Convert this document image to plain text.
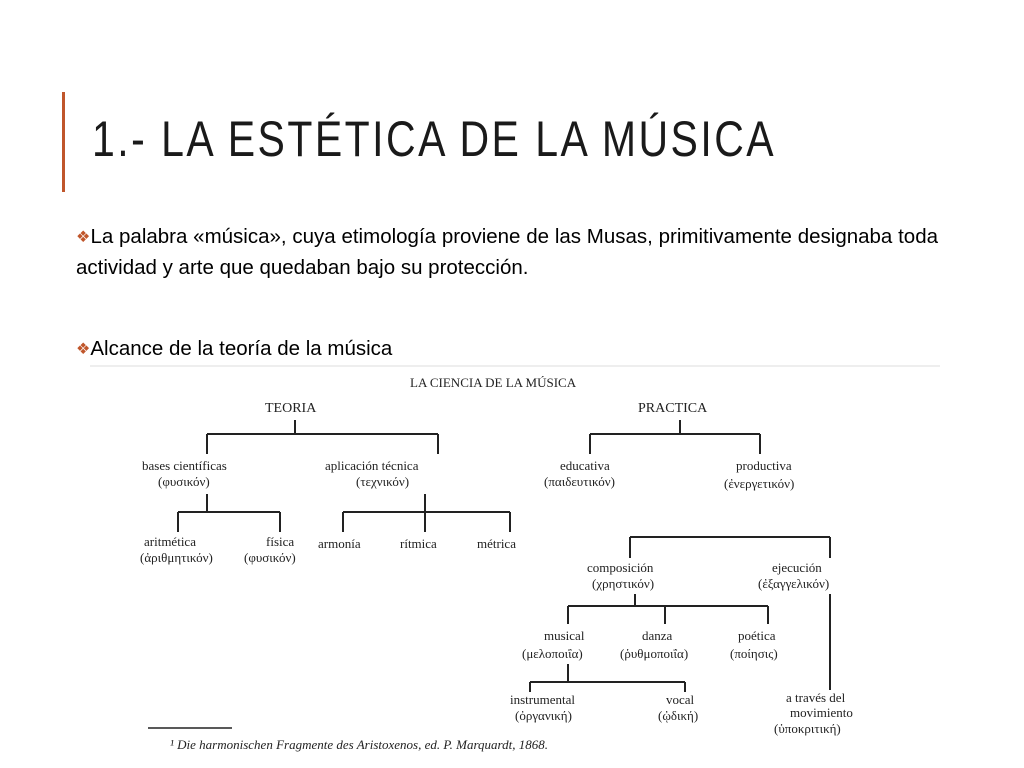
1.- LA ESTÉTICA DE LA MÚSICA
❖La palabra «música», cuya etimología proviene de las Musas, primitivamente designaba toda actividad y arte que quedaban bajo su protección.
❖Alcance de la teoría de la música
LA CIENCIA DE LA MÚSICA
TEORIA
bases científicas
(φυσικόν)
aplicación técnica
(τεχνικόν)
aritmética
(ἀριθμητικόν)
física
(φυσικόν)
armonía	rítmica	métrica
PRACTICA
educativa
(παιδευτικόν)
productiva
(ἐνεργετικόν)
composición
(χρηστικόν)
ejecución
(ἐξαγγελικόν)
musical
(μελοποιΐα)
danza
(ῥυθμοποιΐα)
poética
(ποίησις)
instrumental
(ὀργανική)
vocal
(ᾠδική)
a través del
movimiento
(ὑποκριτική)
¹ Die harmonischen Fragmente des Aristoxenos, ed. P. Marquardt, 1868.
